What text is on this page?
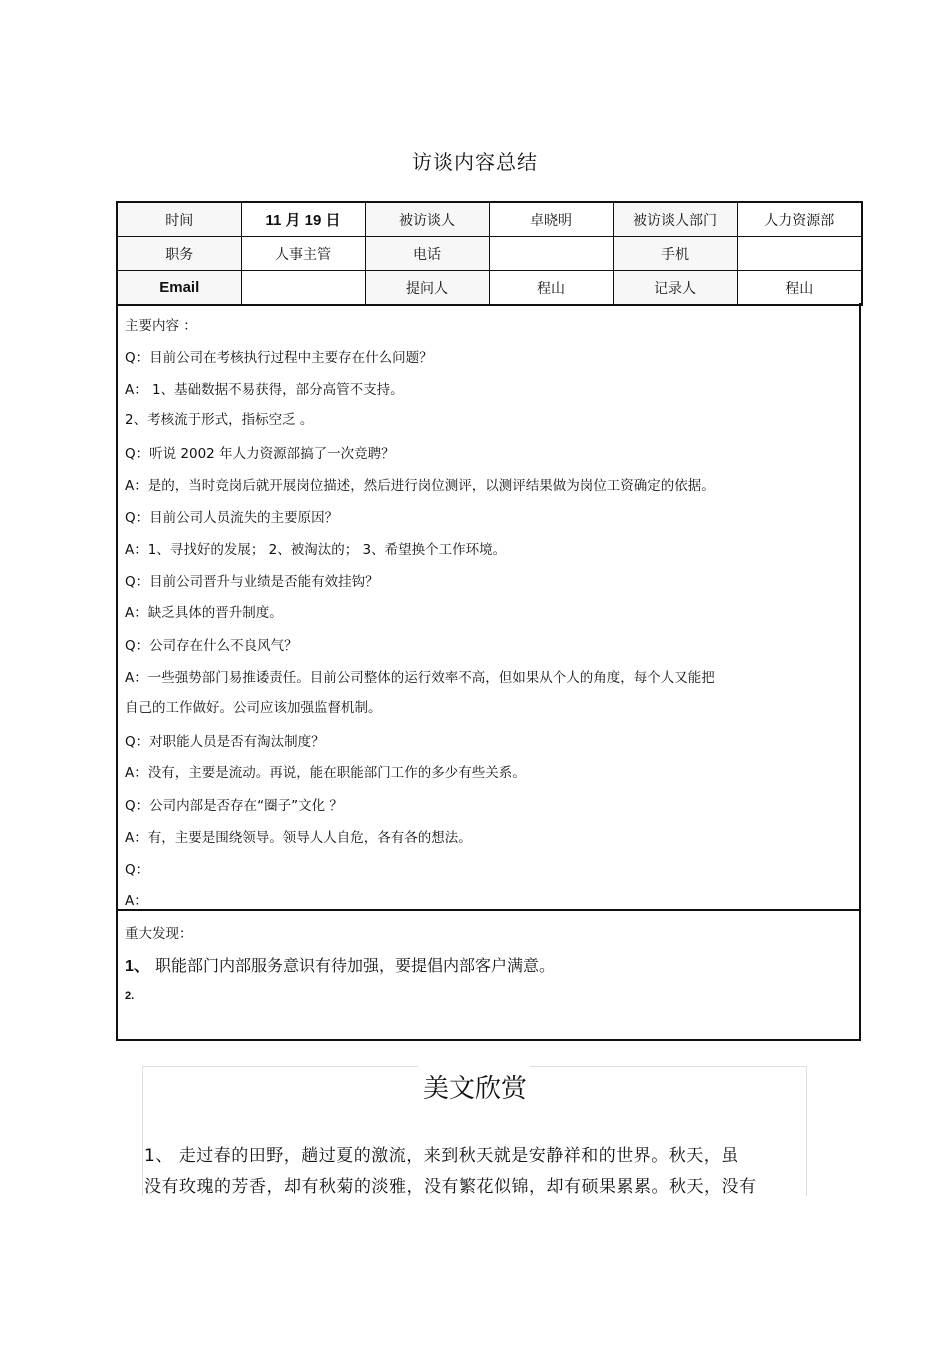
访谈内容总结
时间	11 月 19 日	被访谈人	卓晓明	被访谈人部门	人力资源部
职务	人事主管	电话		手机	
Email		提问人	程山	记录人	程山
主要内容 ：
Q：目前公司在考核执行过程中主要存在什么问题？
A： 1、基础数据不易获得，部分高管不支持。
2、考核流于形式，指标空乏 。
Q：听说 2002 年人力资源部搞了一次竞聘？
A：是的，当时竞岗后就开展岗位描述，然后进行岗位测评，以测评结果做为岗位工资确定的依据。
Q：目前公司人员流失的主要原因？
A：1、寻找好的发展； 2、被淘汰的； 3、希望换个工作环境。
Q：目前公司晋升与业绩是否能有效挂钩？
A：缺乏具体的晋升制度。
Q：公司存在什么不良风气？
A：一些强势部门易推诿责任。目前公司整体的运行效率不高，但如果从个人的角度，每个人又能把
自己的工作做好。公司应该加强监督机制。
Q：对职能人员是否有淘汰制度？
A：没有，主要是流动。再说，能在职能部门工作的多少有些关系。
Q：公司内部是否存在“圈子”文化 ？
A：有，主要是围绕领导。领导人人自危，各有各的想法。
Q：
A：
重大发现：
1、 职能部门内部服务意识有待加强，要提倡内部客户满意。
2.
美文欣赏
1、 走过春的田野，趟过夏的激流，来到秋天就是安静祥和的世界。秋天，虽
没有玫瑰的芳香，却有秋菊的淡雅，没有繁花似锦，却有硕果累累。秋天，没有
